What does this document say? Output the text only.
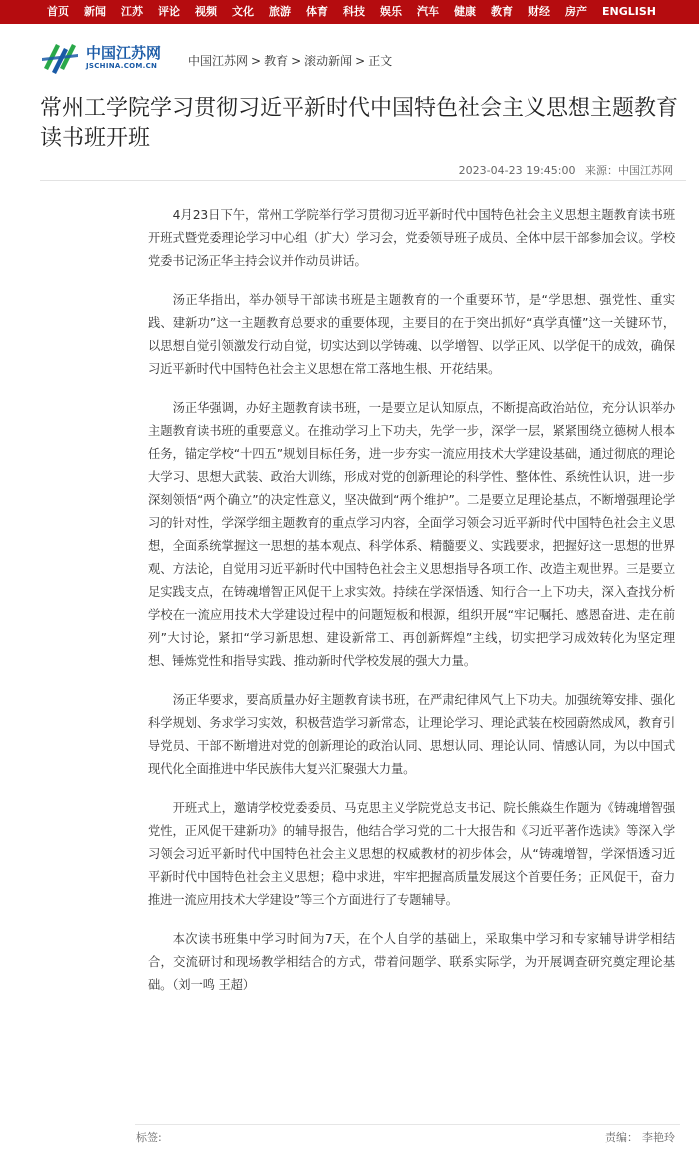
首页 新闻 江苏 评论 视频 文化 旅游 体育 科技 娱乐 汽车 健康 教育 财经 房产 ENGLISH
中国江苏网
JSCHINA.COM.CN	中国江苏网 > 教育 > 滚动新闻 > 正文
常州工学院学习贯彻习近平新时代中国特色社会主义思想主题教育读书班开班
2023-04-23 19:45:00 来源：中国江苏网

4月23日下午，常州工学院举行学习贯彻习近平新时代中国特色社会主义思想主题教育读书班开班式暨党委理论学习中心组（扩大）学习会，党委领导班子成员、全体中层干部参加会议。学校党委书记汤正华主持会议并作动员讲话。

汤正华指出，举办领导干部读书班是主题教育的一个重要环节，是“学思想、强党性、重实践、建新功”这一主题教育总要求的重要体现，主要目的在于突出抓好“真学真懂”这一关键环节，以思想自觉引领激发行动自觉，切实达到以学铸魂、以学增智、以学正风、以学促干的成效，确保习近平新时代中国特色社会主义思想在常工落地生根、开花结果。

汤正华强调，办好主题教育读书班，一是要立足认知原点，不断提高政治站位，充分认识举办主题教育读书班的重要意义。在推动学习上下功夫，先学一步，深学一层，紧紧围绕立德树人根本任务，锚定学校“十四五”规划目标任务，进一步夯实一流应用技术大学建设基础，通过彻底的理论大学习、思想大武装、政治大训练，形成对党的创新理论的科学性、整体性、系统性认识，进一步深刻领悟“两个确立”的决定性意义，坚决做到“两个维护”。二是要立足理论基点，不断增强理论学习的针对性，学深学细主题教育的重点学习内容，全面学习领会习近平新时代中国特色社会主义思想，全面系统掌握这一思想的基本观点、科学体系、精髓要义、实践要求，把握好这一思想的世界观、方法论，自觉用习近平新时代中国特色社会主义思想指导各项工作、改造主观世界。三是要立足实践支点，在铸魂增智正风促干上求实效。持续在学深悟透、知行合一上下功夫，深入查找分析学校在一流应用技术大学建设过程中的问题短板和根源，组织开展“牢记嘱托、感恩奋进、走在前列”大讨论，紧扣“学习新思想、建设新常工、再创新辉煌”主线，切实把学习成效转化为坚定理想、锤炼党性和指导实践、推动新时代学校发展的强大力量。

汤正华要求，要高质量办好主题教育读书班，在严肃纪律风气上下功夫。加强统筹安排、强化科学规划、务求学习实效，积极营造学习新常态，让理论学习、理论武装在校园蔚然成风，教育引导党员、干部不断增进对党的创新理论的政治认同、思想认同、理论认同、情感认同，为以中国式现代化全面推进中华民族伟大复兴汇聚强大力量。

开班式上，邀请学校党委委员、马克思主义学院党总支书记、院长熊焱生作题为《铸魂增智强党性，正风促干建新功》的辅导报告，他结合学习党的二十大报告和《习近平著作选读》等深入学习领会习近平新时代中国特色社会主义思想的权威教材的初步体会，从“铸魂增智，学深悟透习近平新时代中国特色社会主义思想；稳中求进，牢牢把握高质量发展这个首要任务；正风促干，奋力推进一流应用技术大学建设”等三个方面进行了专题辅导。

本次读书班集中学习时间为7天，在个人自学的基础上，采取集中学习和专家辅导讲学相结合，交流研讨和现场教学相结合的方式，带着问题学、联系实际学，为开展调查研究奠定理论基础。（刘一鸣 王超）

标签:	责编： 李艳玲
